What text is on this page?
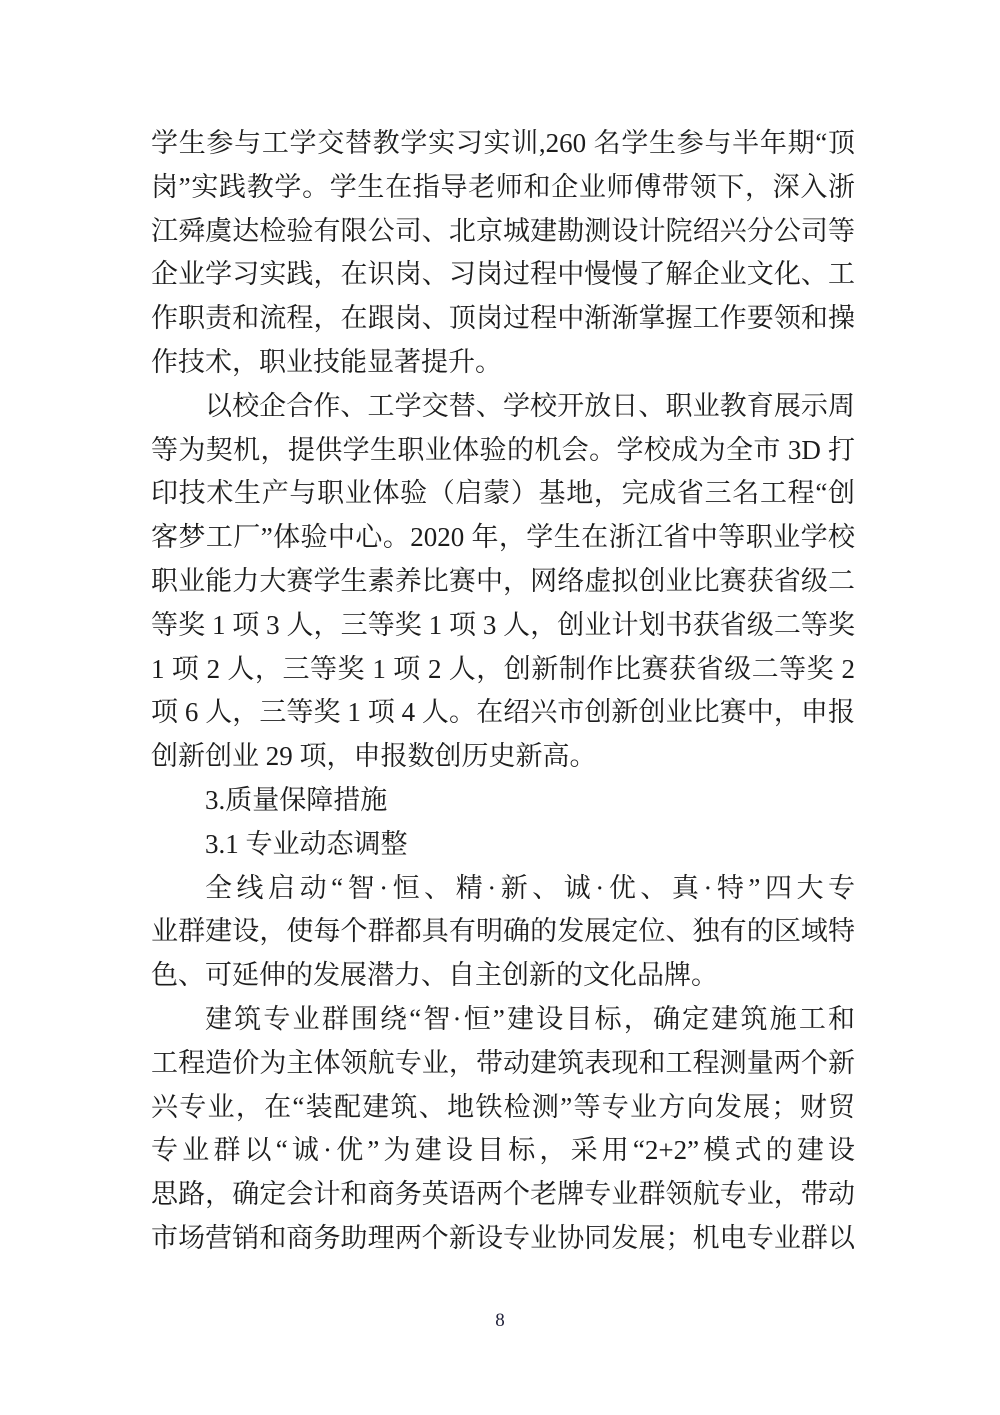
学生参与工学交替教学实习实训,260 名学生参与半年期“顶
岗”实践教学。学生在指导老师和企业师傅带领下，深入浙
江舜虞达检验有限公司、北京城建勘测设计院绍兴分公司等
企业学习实践，在识岗、习岗过程中慢慢了解企业文化、工
作职责和流程，在跟岗、顶岗过程中渐渐掌握工作要领和操
作技术，职业技能显著提升。
以校企合作、工学交替、学校开放日、职业教育展示周
等为契机，提供学生职业体验的机会。学校成为全市 3D 打
印技术生产与职业体验（启蒙）基地，完成省三名工程“创
客梦工厂”体验中心。2020 年，学生在浙江省中等职业学校
职业能力大赛学生素养比赛中，网络虚拟创业比赛获省级二
等奖 1 项 3 人，三等奖 1 项 3 人，创业计划书获省级二等奖
1 项 2 人，三等奖 1 项 2 人，创新制作比赛获省级二等奖 2
项 6 人，三等奖 1 项 4 人。在绍兴市创新创业比赛中，申报
创新创业 29 项，申报数创历史新高。
3.质量保障措施
3.1 专业动态调整
全线启动“智·恒、精·新、诚·优、真·特”四大专
业群建设，使每个群都具有明确的发展定位、独有的区域特
色、可延伸的发展潜力、自主创新的文化品牌。
建筑专业群围绕“智·恒”建设目标，确定建筑施工和
工程造价为主体领航专业，带动建筑表现和工程测量两个新
兴专业，在“装配建筑、地铁检测”等专业方向发展；财贸
专业群以“诚·优”为建设目标，采用“2+2”模式的建设
思路，确定会计和商务英语两个老牌专业群领航专业，带动
市场营销和商务助理两个新设专业协同发展；机电专业群以
8
